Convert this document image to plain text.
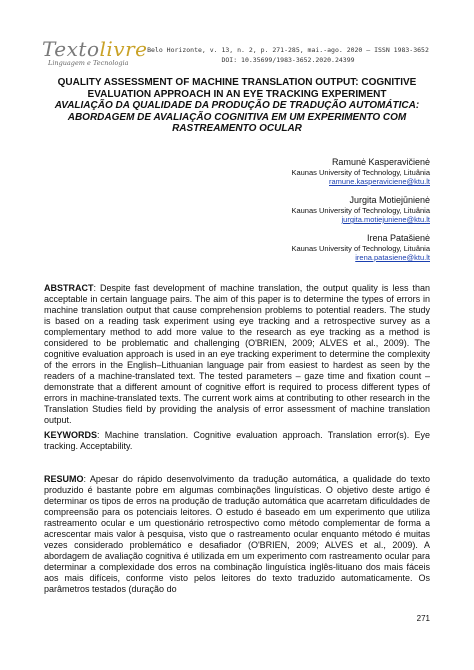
Textolivre
Linguagem e Tecnologia
Belo Horizonte, v. 13, n. 2, p. 271-285, mai.-ago. 2020 – ISSN 1983-3652
DOI: 10.35699/1983-3652.2020.24399
QUALITY ASSESSMENT OF MACHINE TRANSLATION OUTPUT: COGNITIVE EVALUATION APPROACH IN AN EYE TRACKING EXPERIMENT
AVALIAÇÃO DA QUALIDADE DA PRODUÇÃO DE TRADUÇÃO AUTOMÁTICA: ABORDAGEM DE AVALIAÇÃO COGNITIVA EM UM EXPERIMENTO COM RASTREAMENTO OCULAR
Ramunė Kasperavičienė
Kaunas University of Technology, Lituânia
ramune.kasperaviciene@ktu.lt
Jurgita Motiejūnienė
Kaunas University of Technology, Lituânia
jurgita.motiejuniene@ktu.lt
Irena Patašienė
Kaunas University of Technology, Lituânia
irena.patasiene@ktu.lt
ABSTRACT: Despite fast development of machine translation, the output quality is less than acceptable in certain language pairs. The aim of this paper is to determine the types of errors in machine translation output that cause comprehension problems to potential readers. The study is based on a reading task experiment using eye tracking and a retrospective survey as a complementary method to add more value to the research as eye tracking as a method is considered to be problematic and challenging (O'BRIEN, 2009; ALVES et al., 2009). The cognitive evaluation approach is used in an eye tracking experiment to determine the complexity of the errors in the English–Lithuanian language pair from easiest to hardest as seen by the readers of a machine-translated text. The tested parameters – gaze time and fixation count – demonstrate that a different amount of cognitive effort is required to process different types of errors in machine-translated texts. The current work aims at contributing to other research in the Translation Studies field by providing the analysis of error assessment of machine translation output.
KEYWORDS: Machine translation. Cognitive evaluation approach. Translation error(s). Eye tracking. Acceptability.
RESUMO: Apesar do rápido desenvolvimento da tradução automática, a qualidade do texto produzido é bastante pobre em algumas combinações linguísticas. O objetivo deste artigo é determinar os tipos de erros na produção de tradução automática que acarretam dificuldades de compreensão para os potenciais leitores. O estudo é baseado em um experimento que utiliza rastreamento ocular e um questionário retrospectivo como método complementar de forma a acrescentar mais valor à pesquisa, visto que o rastreamento ocular enquanto método é muitas vezes considerado problemático e desafiador (O'BRIEN, 2009; ALVES et al., 2009). A abordagem de avaliação cognitiva é utilizada em um experimento com rastreamento ocular para determinar a complexidade dos erros na combinação linguística inglês-lituano dos mais fáceis aos mais difíceis, conforme visto pelos leitores do texto traduzido automaticamente. Os parâmetros testados (duração do
271
